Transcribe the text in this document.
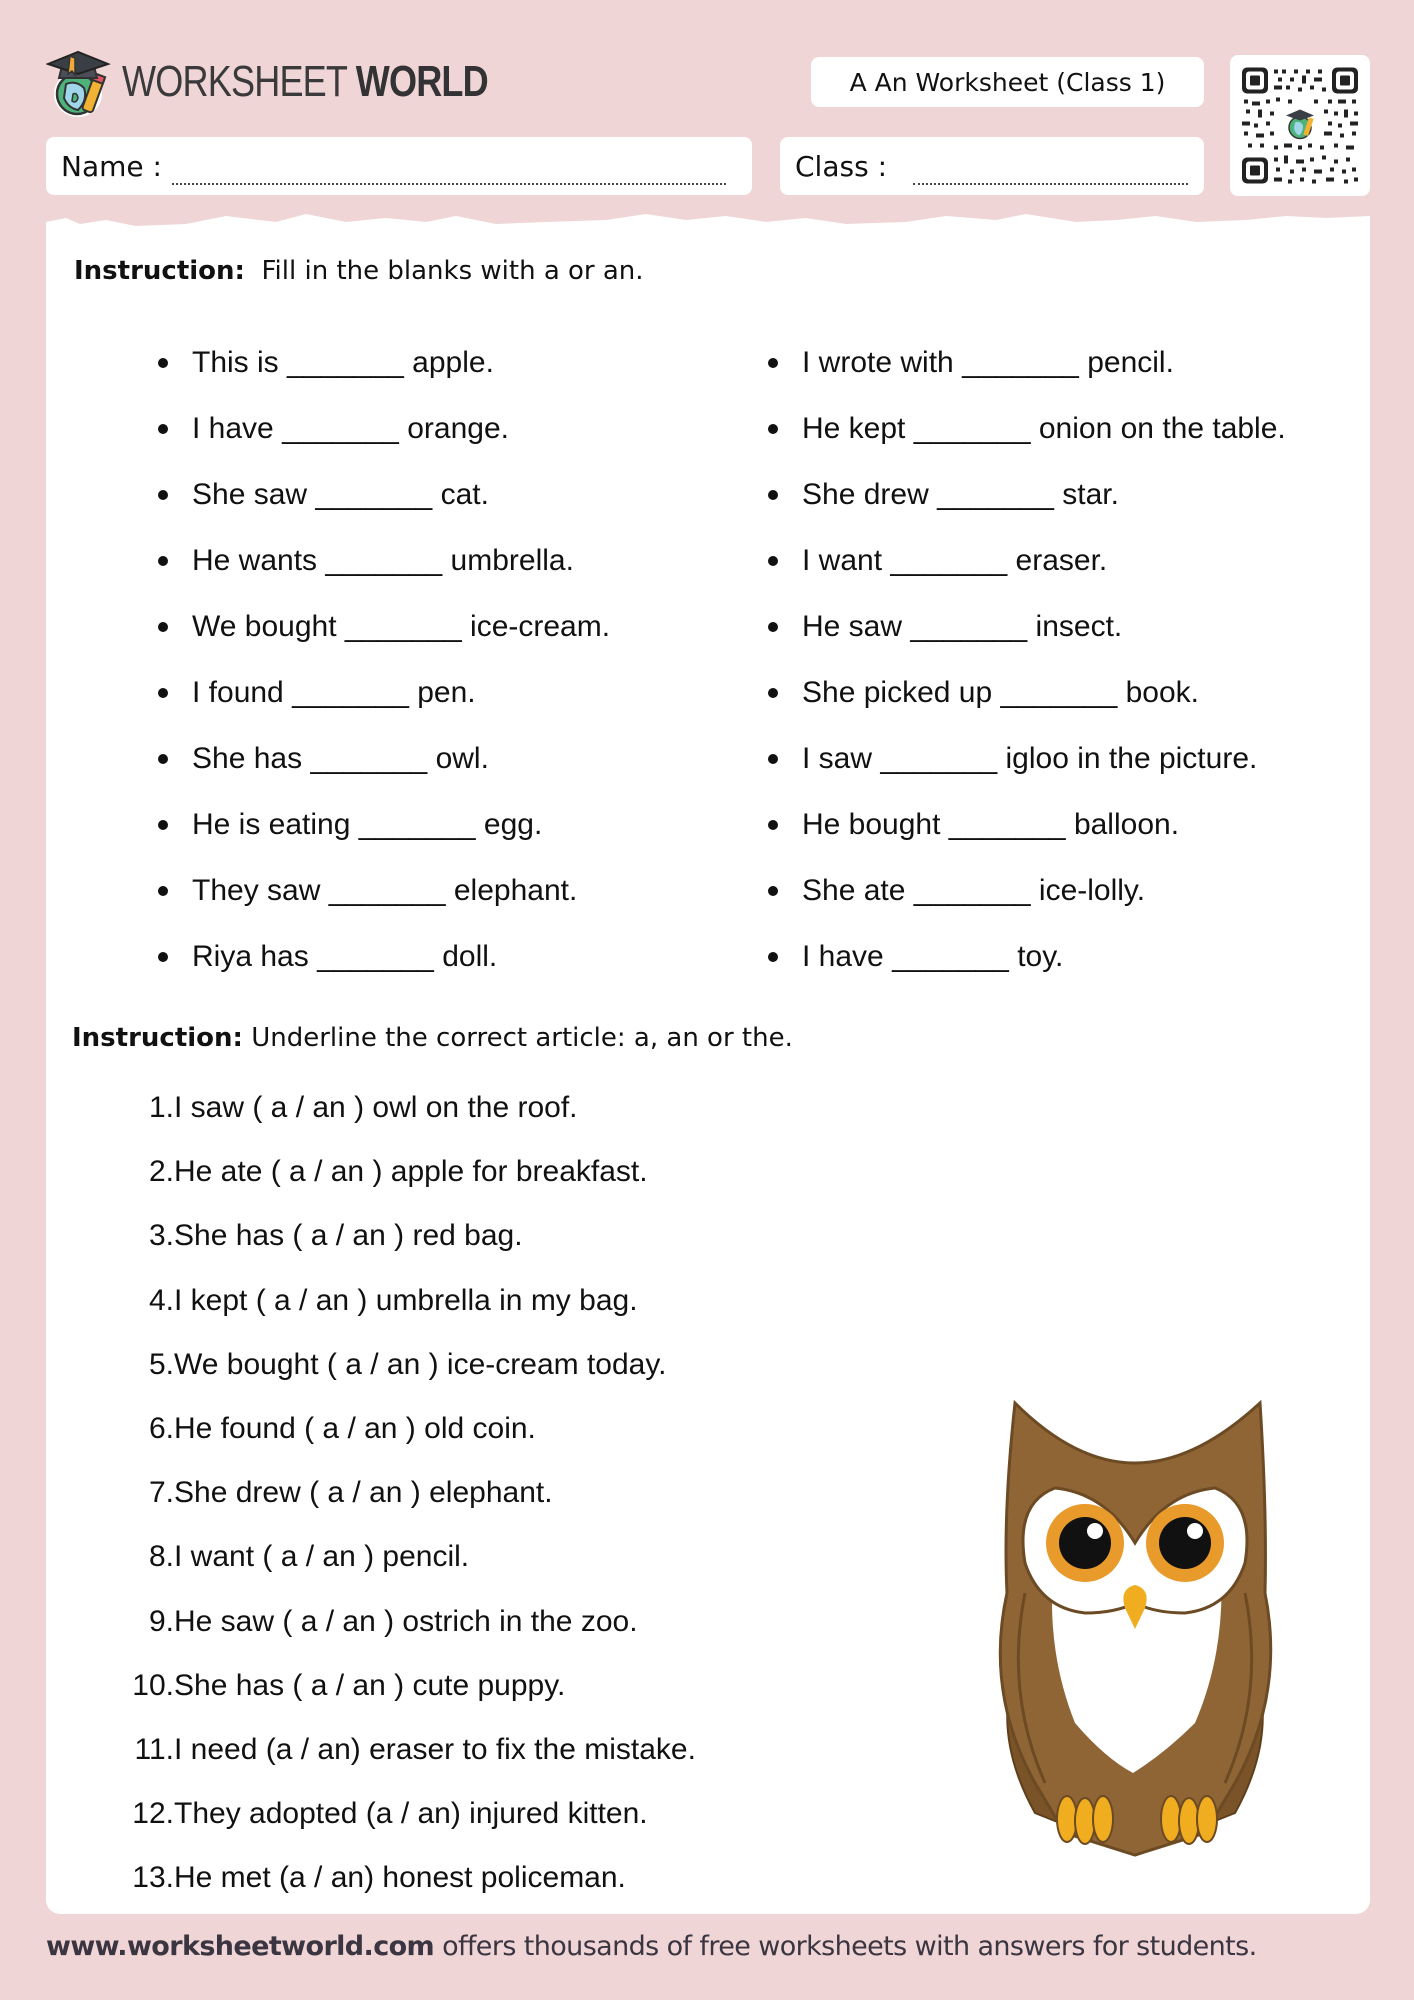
WORKSHEET WORLD	A An Worksheet (Class 1)
Name :	Class :
Instruction: Fill in the blanks with a or an.
This is
_______
apple.
I have
_______
orange.
She saw
_______
cat.
He wants
_______
umbrella.
We bought
_______
ice-cream.
I found
_______
pen.
She has
_______
owl.
He is eating
_______
egg.
They saw
_______
elephant.
Riya has
_______
doll.
I wrote with
_______
pencil.
He kept
_______
onion on the table.
She drew
_______
star.
I want
_______
eraser.
He saw
_______
insect.
She picked up
_______
book.
I saw
_______
igloo in the picture.
He bought
_______
balloon.
She ate
_______
ice-lolly.
I have
_______
toy.
Instruction: Underline the correct article: a, an or the.
1. I saw ( a / an ) owl on the roof.
2. He ate ( a / an ) apple for breakfast.
3. She has ( a / an ) red bag.
4. I kept ( a / an ) umbrella in my bag.
5. We bought ( a / an ) ice-cream today.
6. He found ( a / an ) old coin.
7. She drew ( a / an ) elephant.
8. I want ( a / an ) pencil.
9. He saw ( a / an ) ostrich in the zoo.
10. She has ( a / an ) cute puppy.
11. I need (a / an) eraser to fix the mistake.
12. They adopted (a / an) injured kitten.
13. He met (a / an) honest policeman.
www.worksheetworld.com offers thousands of free worksheets with answers for students.
